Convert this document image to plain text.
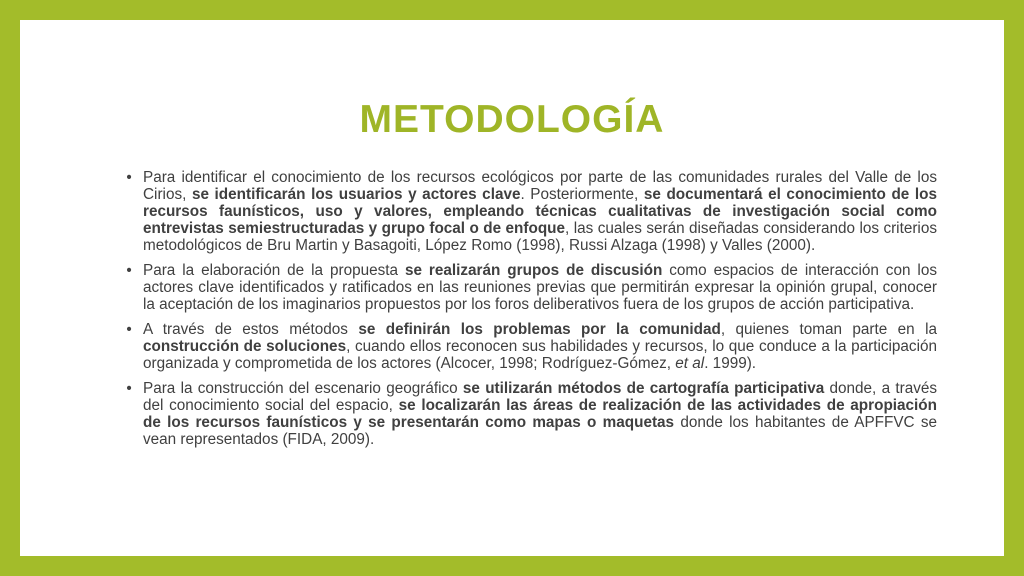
METODOLOGÍA
• Para identificar el conocimiento de los recursos ecológicos por parte de las comunidades rurales del Valle de los Cirios, se identificarán los usuarios y actores clave. Posteriormente, se documentará el conocimiento de los recursos faunísticos, uso y valores, empleando técnicas cualitativas de investigación social como entrevistas semiestructuradas y grupo focal o de enfoque, las cuales serán diseñadas considerando los criterios metodológicos de Bru Martin y Basagoiti, López Romo (1998), Russi Alzaga (1998) y Valles (2000).
• Para la elaboración de la propuesta se realizarán grupos de discusión como espacios de interacción con los actores clave identificados y ratificados en las reuniones previas que permitirán expresar la opinión grupal, conocer la aceptación de los imaginarios propuestos por los foros deliberativos fuera de los grupos de acción participativa.
• A través de estos métodos se definirán los problemas por la comunidad, quienes toman parte en la construcción de soluciones, cuando ellos reconocen sus habilidades y recursos, lo que conduce a la participación organizada y comprometida de los actores (Alcocer, 1998; Rodríguez-Gómez, et al. 1999).
• Para la construcción del escenario geográfico se utilizarán métodos de cartografía participativa donde, a través del conocimiento social del espacio, se localizarán las áreas de realización de las actividades de apropiación de los recursos faunísticos y se presentarán como mapas o maquetas donde los habitantes de APFFVC se vean representados (FIDA, 2009).
